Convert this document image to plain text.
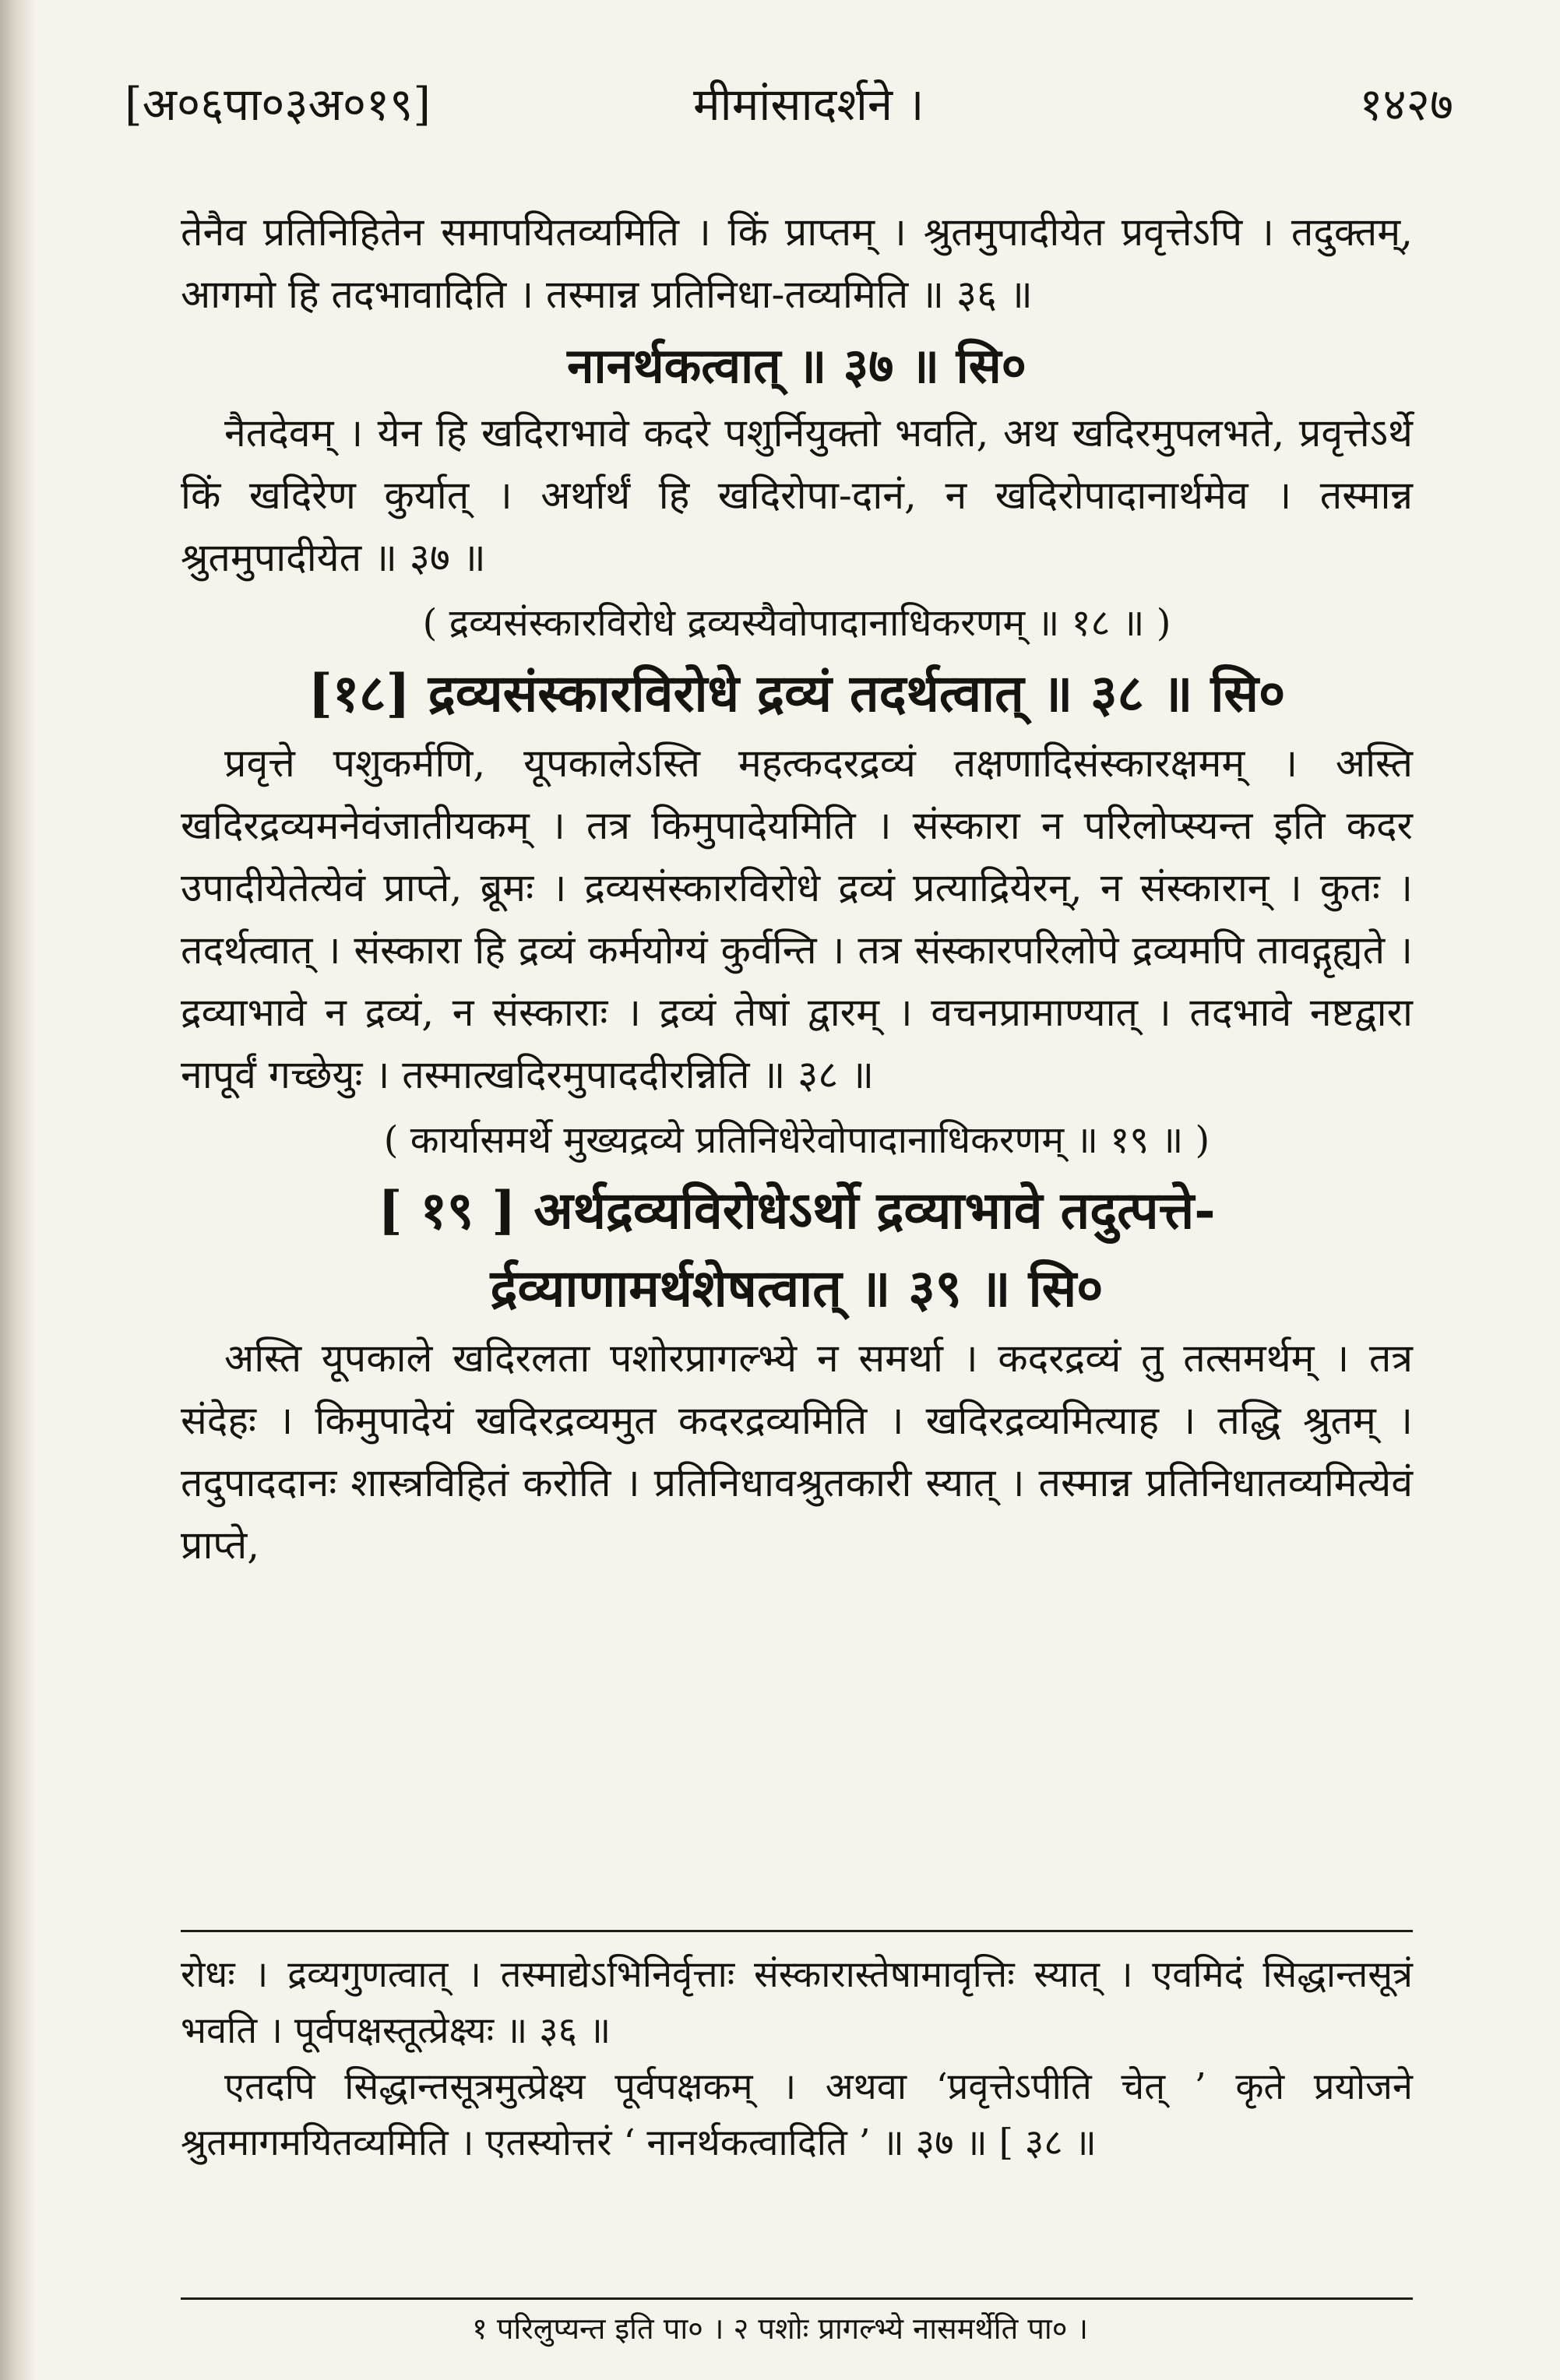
[अ०६पा०३अ०१९]	मीमांसादर्शने ।	१४२७

तेनैव प्रतिनिहितेन समापयितव्यमिति । किं प्राप्तम् । श्रुतमुपादीयेत प्रवृत्तेऽपि । तदुक्तम्, आगमो हि तदभावादिति । तस्मान्न प्रतिनिधा-तव्यमिति ॥ ३६ ॥

नानर्थकत्वात् ॥ ३७ ॥ सि०

नैतदेवम् । येन हि खदिराभावे कदरे पशुर्नियुक्तो भवति, अथ खदिरमुपलभते, प्रवृत्तेऽर्थे किं खदिरेण कुर्यात् । अर्थार्थं हि खदिरोपा-दानं, न खदिरोपादानार्थमेव । तस्मान्न श्रुतमुपादीयेत ॥ ३७ ॥

( द्रव्यसंस्कारविरोधे द्रव्यस्यैवोपादानाधिकरणम् ॥ १८ ॥ )

[१८] द्रव्यसंस्कारविरोधे द्रव्यं तदर्थत्वात् ॥ ३८ ॥ सि०

प्रवृत्ते पशुकर्मणि, यूपकालेऽस्ति महत्कदरद्रव्यं तक्षणादिसंस्कारक्षमम् । अस्ति खदिरद्रव्यमनेवंजातीयकम् । तत्र किमुपादेयमिति । संस्कारा न परिलोप्स्यन्त इति कदर उपादीयेतेत्येवं प्राप्ते, ब्रूमः । द्रव्यसंस्कारविरोधे द्रव्यं प्रत्याद्रियेरन्, न संस्कारान् । कुतः । तदर्थत्वात् । संस्कारा हि द्रव्यं कर्मयोग्यं कुर्वन्ति । तत्र संस्कारपरिलोपे द्रव्यमपि तावद्गृह्यते । द्रव्याभावे न द्रव्यं, न संस्काराः । द्रव्यं तेषां द्वारम् । वचनप्रामाण्यात् । तदभावे नष्टद्वारा नापूर्वं गच्छेयुः । तस्मात्खदिरमुपाददीरन्निति ॥ ३८ ॥

( कार्यासमर्थे मुख्यद्रव्ये प्रतिनिधेरेवोपादानाधिकरणम् ॥ १९ ॥ )

[ १९ ] अर्थद्रव्यविरोधेऽर्थो द्रव्याभावे तदुत्पत्ते-

र्द्रव्याणामर्थशेषत्वात् ॥ ३९ ॥ सि०

अस्ति यूपकाले खदिरलता पशोरप्रागल्भ्ये न समर्था । कदरद्रव्यं तु तत्समर्थम् । तत्र संदेहः । किमुपादेयं खदिरद्रव्यमुत कदरद्रव्यमिति । खदिरद्रव्यमित्याह । तद्धि श्रुतम् । तदुपाददानः शास्त्रविहितं करोति । प्रतिनिधावश्रुतकारी स्यात् । तस्मान्न प्रतिनिधातव्यमित्येवं प्राप्ते,

रोधः । द्रव्यगुणत्वात् । तस्माद्येऽभिनिर्वृत्ताः संस्कारास्तेषामावृत्तिः स्यात् । एवमिदं सिद्धान्तसूत्रं भवति । पूर्वपक्षस्तूत्प्रेक्ष्यः ॥ ३६ ॥

एतदपि सिद्धान्तसूत्रमुत्प्रेक्ष्य पूर्वपक्षकम् । अथवा ‘प्रवृत्तेऽपीति चेत् ’ कृते प्रयोजने श्रुतमागमयितव्यमिति । एतस्योत्तरं ‘ नानर्थकत्वादिति ’ ॥ ३७ ॥ [ ३८ ॥

१ परिलुप्यन्त इति पा० । २ पशोः प्रागल्भ्ये नासमर्थेति पा० ।
